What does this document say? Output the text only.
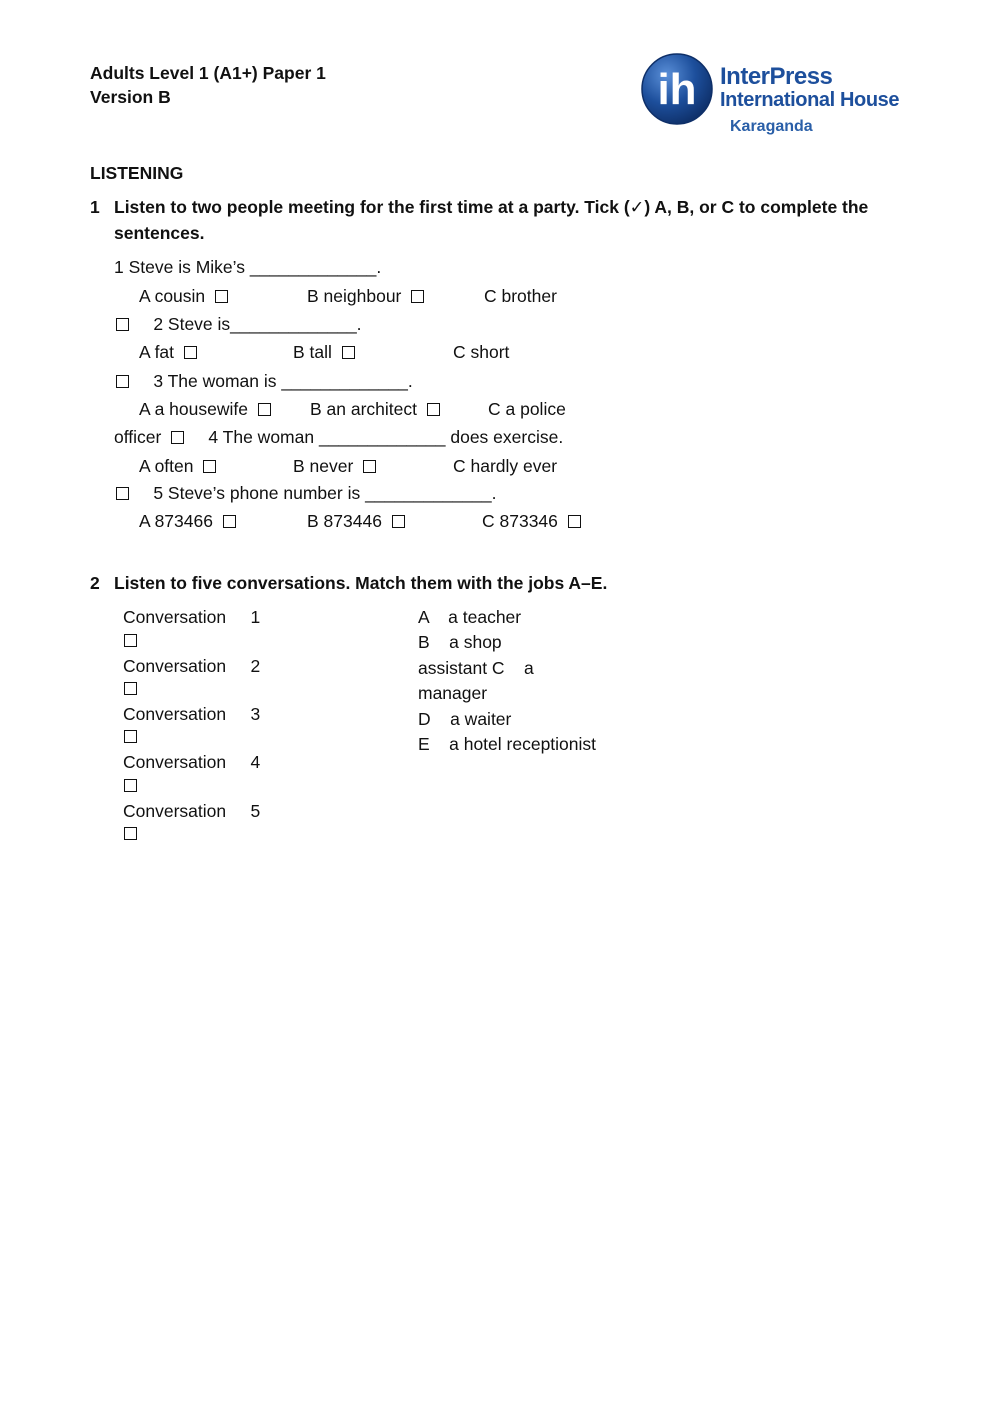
Adults Level 1 (A1+) Paper 1
Version B	ih InterPress
International House
Karaganda
LISTENING
1 Listen to two people meeting for the first time at a party. Tick (✓) A, B, or C to complete the
sentences.
1 Steve is Mike’s _____________.
A cousin	B neighbour	C brother
2 Steve is_____________.
A fat	B tall	C short
3 The woman is _____________.
A a housewife	B an architect	C a police
officer	4 The woman _____________ does exercise.
A often	B never	C hardly ever
5 Steve’s phone number is _____________.
A 873466	B 873446	C 873346
2 Listen to five conversations. Match them with the jobs A–E.
Conversation 1
Conversation 2
Conversation 3
Conversation 4
Conversation 5
A    a teacher
B    a shop
assistant C    a
manager
D    a waiter
E    a hotel receptionist
